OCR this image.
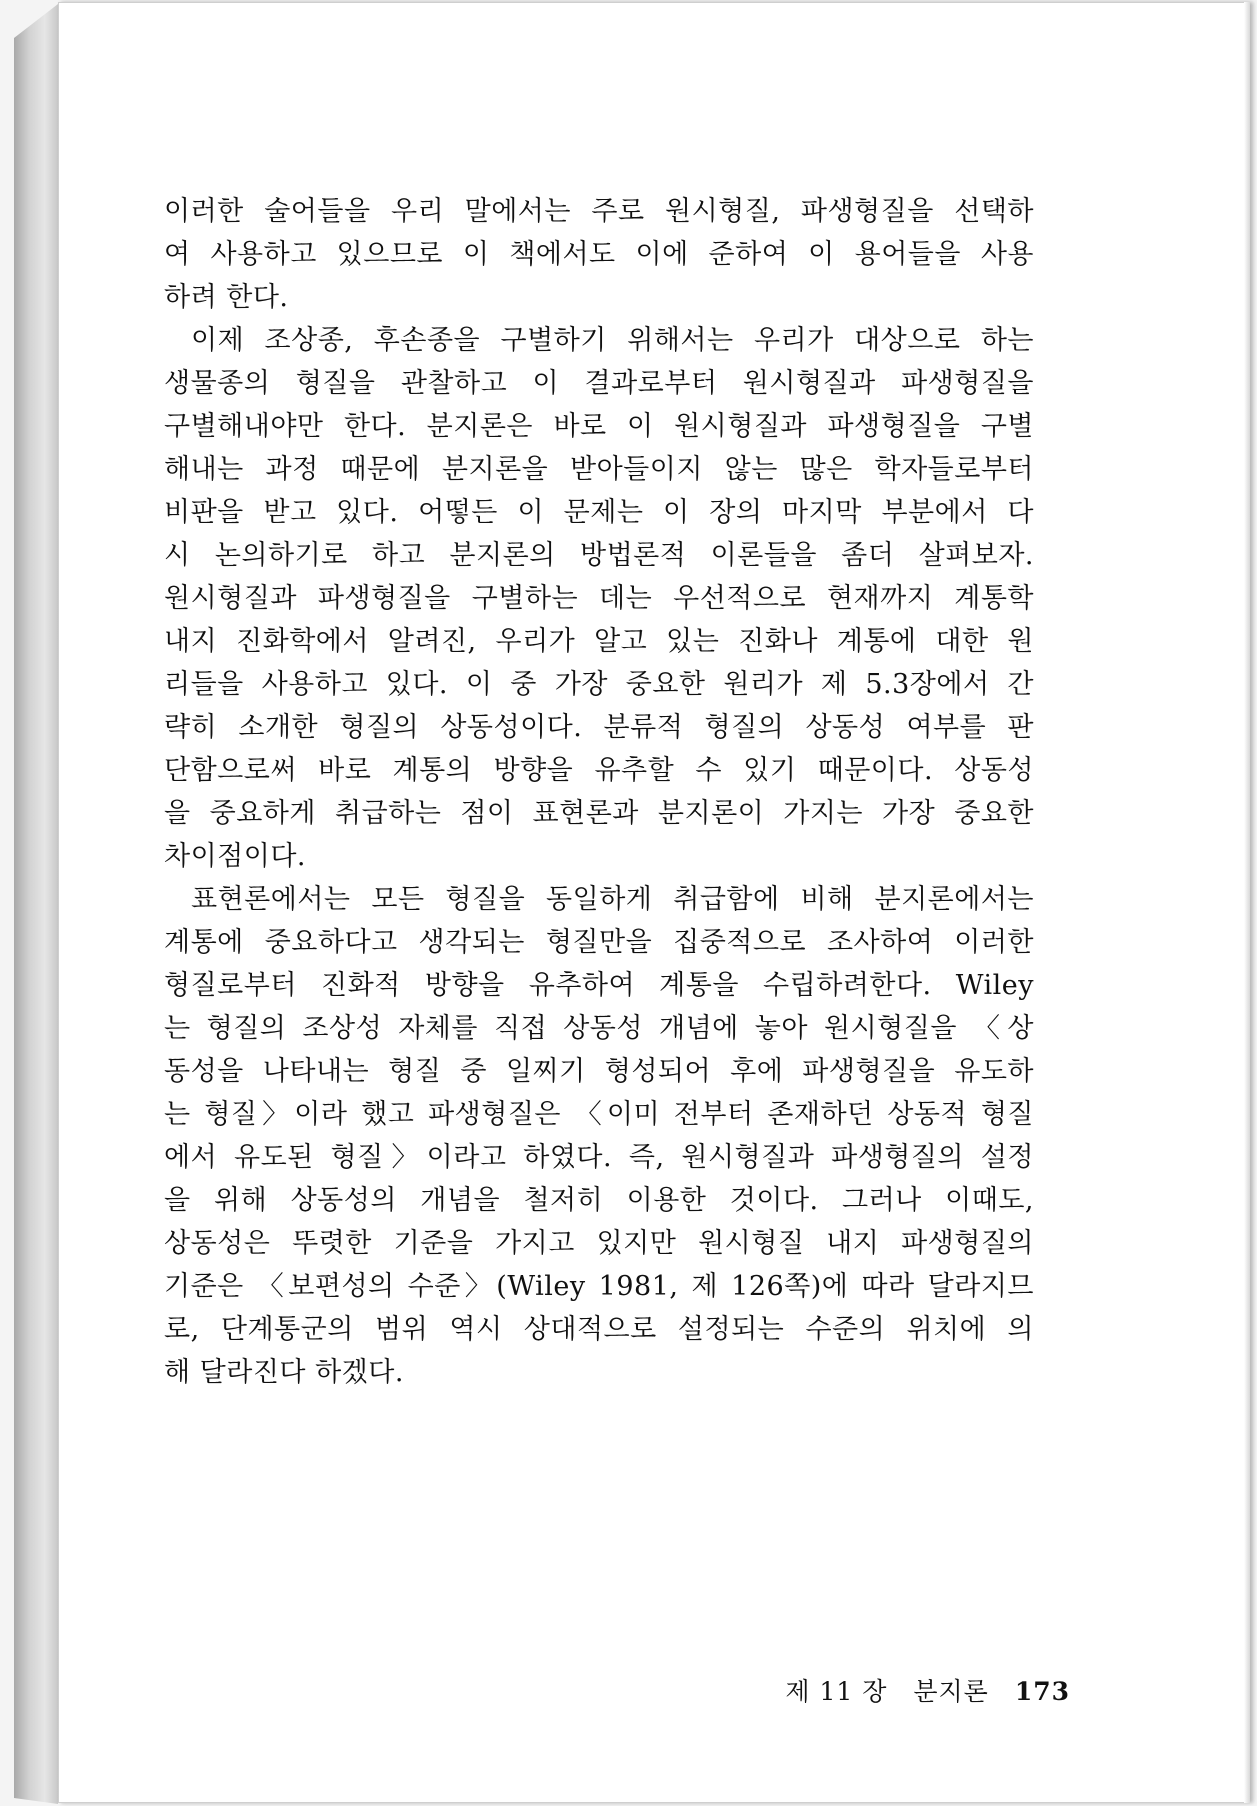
이러한 술어들을 우리 말에서는 주로 원시형질, 파생형질을 선택하
여 사용하고 있으므로 이 책에서도 이에 준하여 이 용어들을 사용
하려 한다.
이제 조상종, 후손종을 구별하기 위해서는 우리가 대상으로 하는
생물종의 형질을 관찰하고 이 결과로부터 원시형질과 파생형질을
구별해내야만 한다. 분지론은 바로 이 원시형질과 파생형질을 구별
해내는 과정 때문에 분지론을 받아들이지 않는 많은 학자들로부터
비판을 받고 있다. 어떻든 이 문제는 이 장의 마지막 부분에서 다
시 논의하기로 하고 분지론의 방법론적 이론들을 좀더 살펴보자.
원시형질과 파생형질을 구별하는 데는 우선적으로 현재까지 계통학
내지 진화학에서 알려진, 우리가 알고 있는 진화나 계통에 대한 원
리들을 사용하고 있다. 이 중 가장 중요한 원리가 제 5.3장에서 간
략히 소개한 형질의 상동성이다. 분류적 형질의 상동성 여부를 판
단함으로써 바로 계통의 방향을 유추할 수 있기 때문이다. 상동성
을 중요하게 취급하는 점이 표현론과 분지론이 가지는 가장 중요한
차이점이다.
표현론에서는 모든 형질을 동일하게 취급함에 비해 분지론에서는
계통에 중요하다고 생각되는 형질만을 집중적으로 조사하여 이러한
형질로부터 진화적 방향을 유추하여 계통을 수립하려한다. Wiley
는 형질의 조상성 자체를 직접 상동성 개념에 놓아 원시형질을 〈상
동성을 나타내는 형질 중 일찌기 형성되어 후에 파생형질을 유도하
는 형질〉이라 했고 파생형질은 〈이미 전부터 존재하던 상동적 형질
에서 유도된 형질〉이라고 하였다. 즉, 원시형질과 파생형질의 설정
을 위해 상동성의 개념을 철저히 이용한 것이다. 그러나 이때도,
상동성은 뚜렷한 기준을 가지고 있지만 원시형질 내지 파생형질의
기준은 〈보편성의 수준〉(Wiley 1981, 제 126쪽)에 따라 달라지므
로, 단계통군의 범위 역시 상대적으로 설정되는 수준의 위치에 의
해 달라진다 하겠다.
제 11 장 분지론 173
